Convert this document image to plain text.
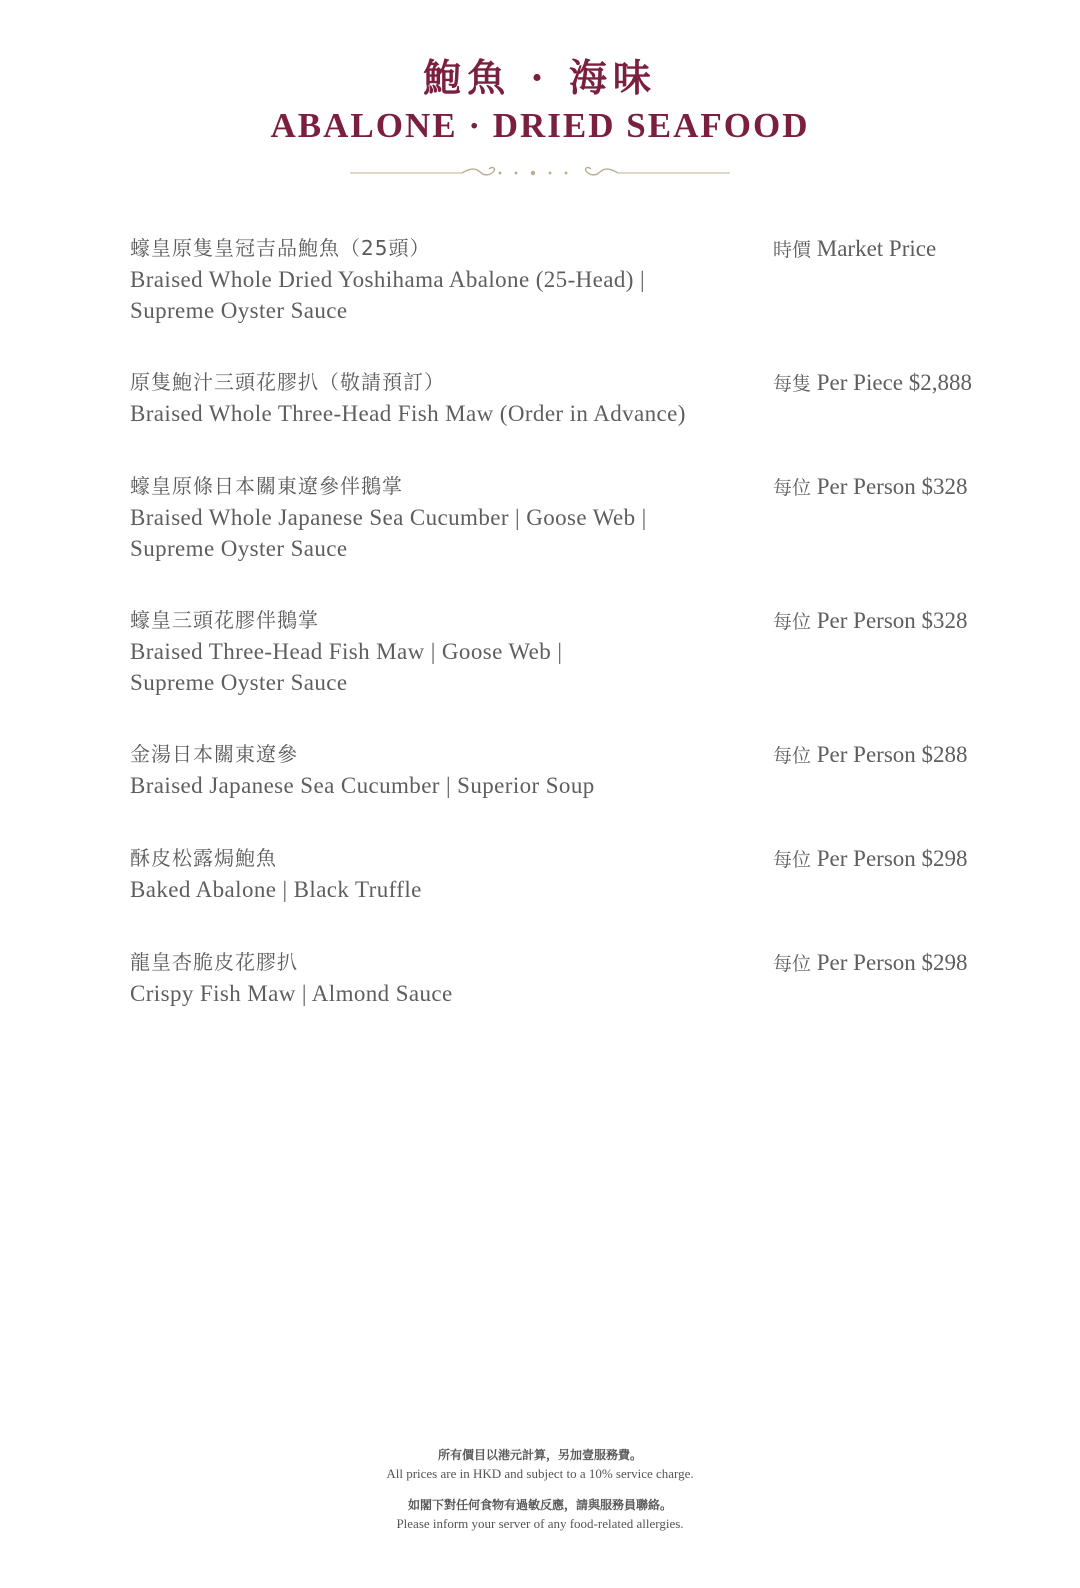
鮑魚 · 海味
ABALONE · DRIED SEAFOOD
蠔皇原隻皇冠吉品鮑魚（25頭）
Braised Whole Dried Yoshihama Abalone (25-Head) | Supreme Oyster Sauce
時價 Market Price
原隻鮑汁三頭花膠扒（敬請預訂）
Braised Whole Three-Head Fish Maw (Order in Advance)
每隻 Per Piece $2,888
蠔皇原條日本關東遼參伴鵝掌
Braised Whole Japanese Sea Cucumber | Goose Web | Supreme Oyster Sauce
每位 Per Person $328
蠔皇三頭花膠伴鵝掌
Braised Three-Head Fish Maw | Goose Web | Supreme Oyster Sauce
每位 Per Person $328
金湯日本關東遼參
Braised Japanese Sea Cucumber | Superior Soup
每位 Per Person $288
酥皮松露焗鮑魚
Baked Abalone | Black Truffle
每位 Per Person $298
龍皇杏脆皮花膠扒
Crispy Fish Maw | Almond Sauce
每位 Per Person $298
所有價目以港元計算，另加壹服務費。
All prices are in HKD and subject to a 10% service charge.
如閣下對任何食物有過敏反應，請與服務員聯絡。
Please inform your server of any food-related allergies.
